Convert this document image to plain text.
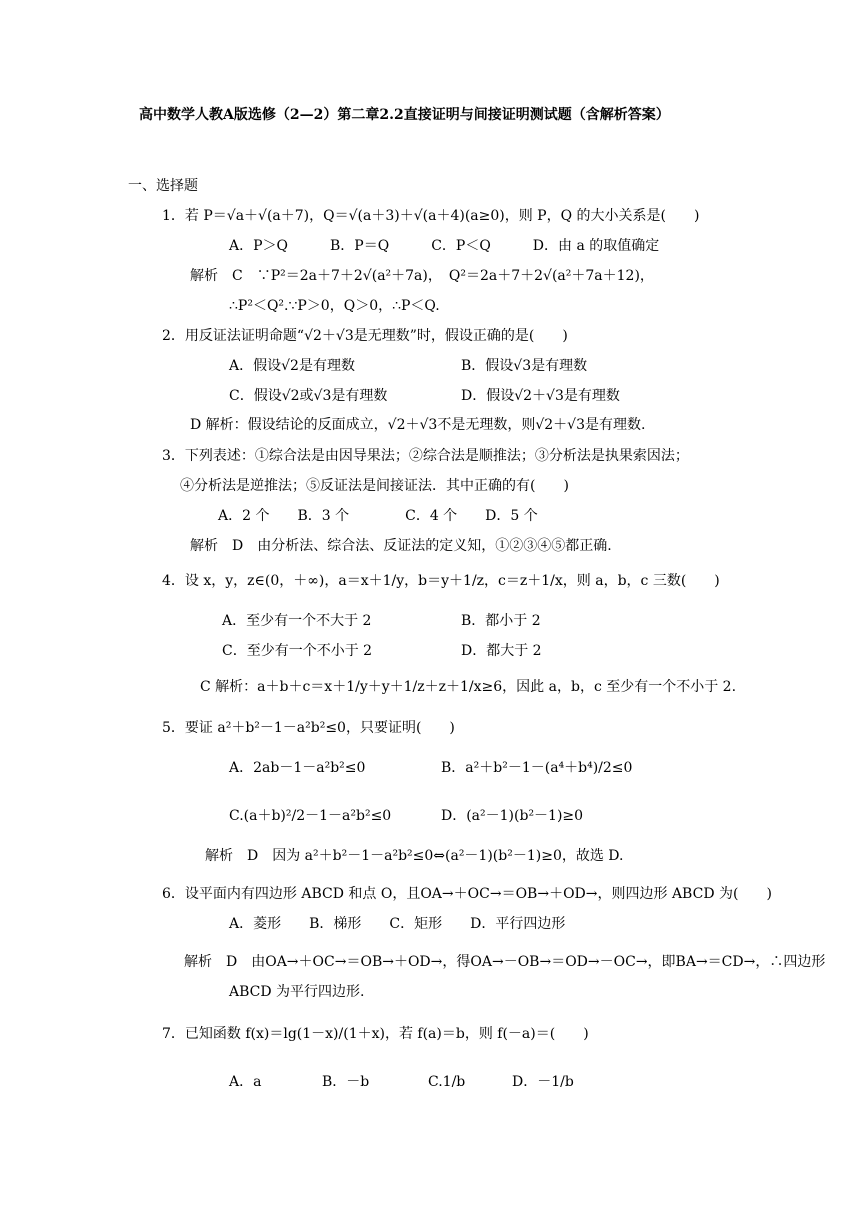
高中数学人教A版选修（2—2）第二章2.2直接证明与间接证明测试题（含解析答案）
一、选择题
1．若 P＝√a＋√(a＋7)，Q＝√(a＋3)＋√(a＋4)(a≥0)，则 P，Q 的大小关系是(　　)
A．P＞Q　　　B．P＝Q　　　C．P＜Q　　　D．由 a 的取值确定
解析　C　∵P²＝2a＋7＋2√(a²＋7a)，　Q²＝2a＋7＋2√(a²＋7a＋12)，
∴P²＜Q².∵P＞0，Q＞0，∴P＜Q.
2．用反证法证明命题“√2＋√3是无理数”时，假设正确的是(　　)
A．假设√2是有理数	B．假设√3是有理数
C．假设√2或√3是有理数	D．假设√2＋√3是有理数
D 解析：假设结论的反面成立，√2＋√3不是无理数，则√2＋√3是有理数.
3．下列表述：①综合法是由因导果法；②综合法是顺推法；③分析法是执果索因法；
④分析法是逆推法；⑤反证法是间接证法．其中正确的有(　　)
A．2 个　　B．3 个　　　　C．4 个　　D．5 个
解析　D　由分析法、综合法、反证法的定义知，①②③④⑤都正确.
4．设 x，y，z∈(0，＋∞)，a＝x＋1/y，b＝y＋1/z，c＝z＋1/x，则 a，b，c 三数(　　)
A．至少有一个不大于 2	B．都小于 2
C．至少有一个不小于 2	D．都大于 2
C 解析：a＋b＋c＝x＋1/y＋y＋1/z＋z＋1/x≥6，因此 a，b，c 至少有一个不小于 2.
5．要证 a²＋b²－1－a²b²≤0，只要证明(　　)
A．2ab－1－a²b²≤0	B．a²＋b²－1－(a⁴＋b⁴)/2≤0
C.(a＋b)²/2－1－a²b²≤0	D．(a²－1)(b²－1)≥0
解析　D　因为 a²＋b²－1－a²b²≤0⇔(a²－1)(b²－1)≥0，故选 D.
6．设平面内有四边形 ABCD 和点 O，且OA→＋OC→＝OB→＋OD→，则四边形 ABCD 为(　　)
A．菱形　　B．梯形　　C．矩形　　D．平行四边形
解析　D　由OA→＋OC→＝OB→＋OD→，得OA→－OB→＝OD→－OC→，即BA→＝CD→，∴四边形
ABCD 为平行四边形.
7．已知函数 f(x)＝lg(1－x)/(1＋x)，若 f(a)＝b，则 f(－a)＝(　　)
A．a	B．－b	C.1/b	D．－1/b
